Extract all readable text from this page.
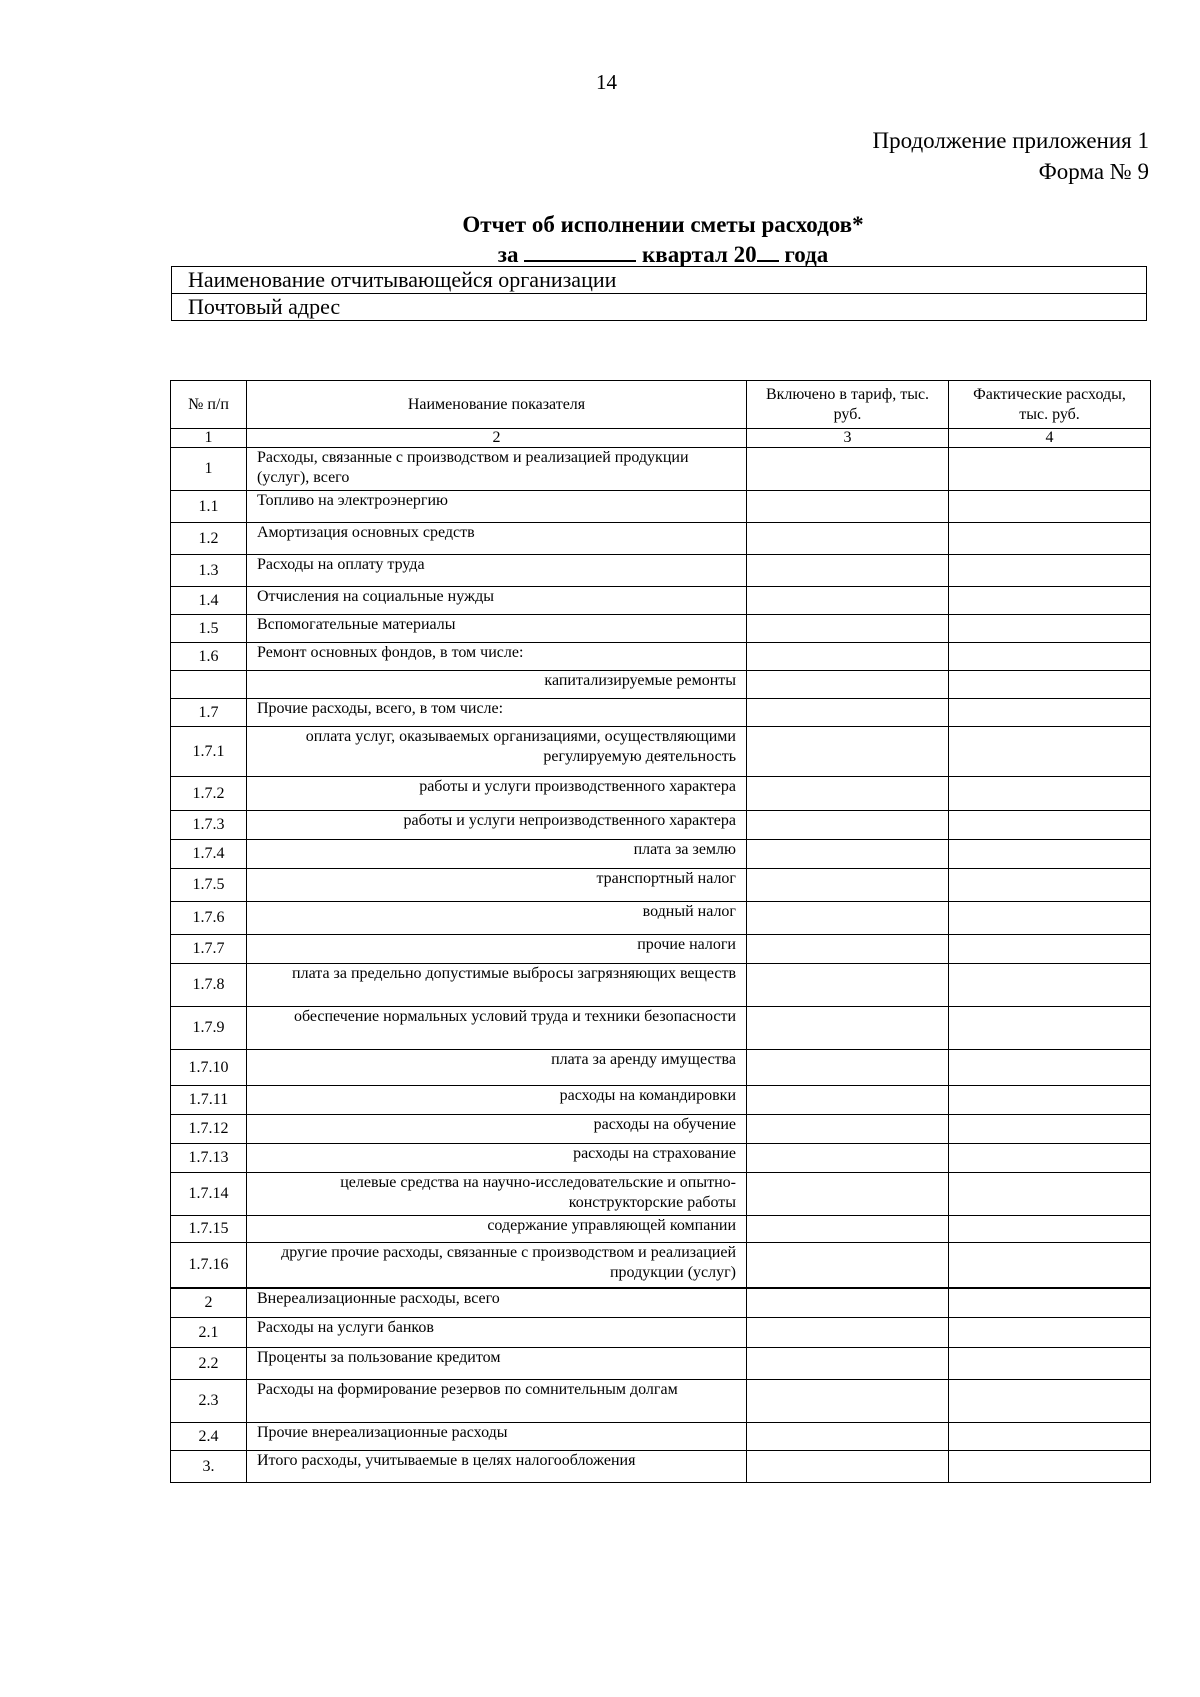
14
Продолжение приложения 1
Форма № 9
Отчет об исполнении сметы расходов*
за	квартал 20 года
Наименование отчитывающейся организации
Почтовый адрес
№ п/п	Наименование показателя	Включено в тариф, тыс. руб.	Фактические расходы, тыс. руб.
1	2	3	4
1	Расходы, связанные с производством и реализацией продукции (услуг), всего		
1.1	Топливо на электроэнергию		
1.2	Амортизация основных средств		
1.3	Расходы на оплату труда		
1.4	Отчисления на социальные нужды		
1.5	Вспомогательные материалы		
1.6	Ремонт основных фондов, в том числе:		
	капитализируемые ремонты		
1.7	Прочие расходы, всего, в том числе:		
1.7.1	оплата услуг, оказываемых организациями, осуществляющими регулируемую деятельность		
1.7.2	работы и услуги производственного характера		
1.7.3	работы и услуги непроизводственного характера		
1.7.4	плата за землю		
1.7.5	транспортный налог		
1.7.6	водный налог		
1.7.7	прочие налоги		
1.7.8	плата за предельно допустимые выбросы загрязняющих веществ		
1.7.9	обеспечение нормальных условий труда и техники безопасности		
1.7.10	плата за аренду имущества		
1.7.11	расходы на командировки		
1.7.12	расходы на обучение		
1.7.13	расходы на страхование		
1.7.14	целевые средства на научно-исследовательские и опытно-конструкторские работы		
1.7.15	содержание управляющей компании		
1.7.16	другие прочие расходы, связанные с производством и реализацией продукции (услуг)		
2	Внереализационные расходы, всего		
2.1	Расходы на услуги банков		
2.2	Проценты за пользование кредитом		
2.3	Расходы на формирование резервов по сомнительным долгам		
2.4	Прочие внереализационные расходы		
3.	Итого расходы, учитываемые в целях налогообложения		
